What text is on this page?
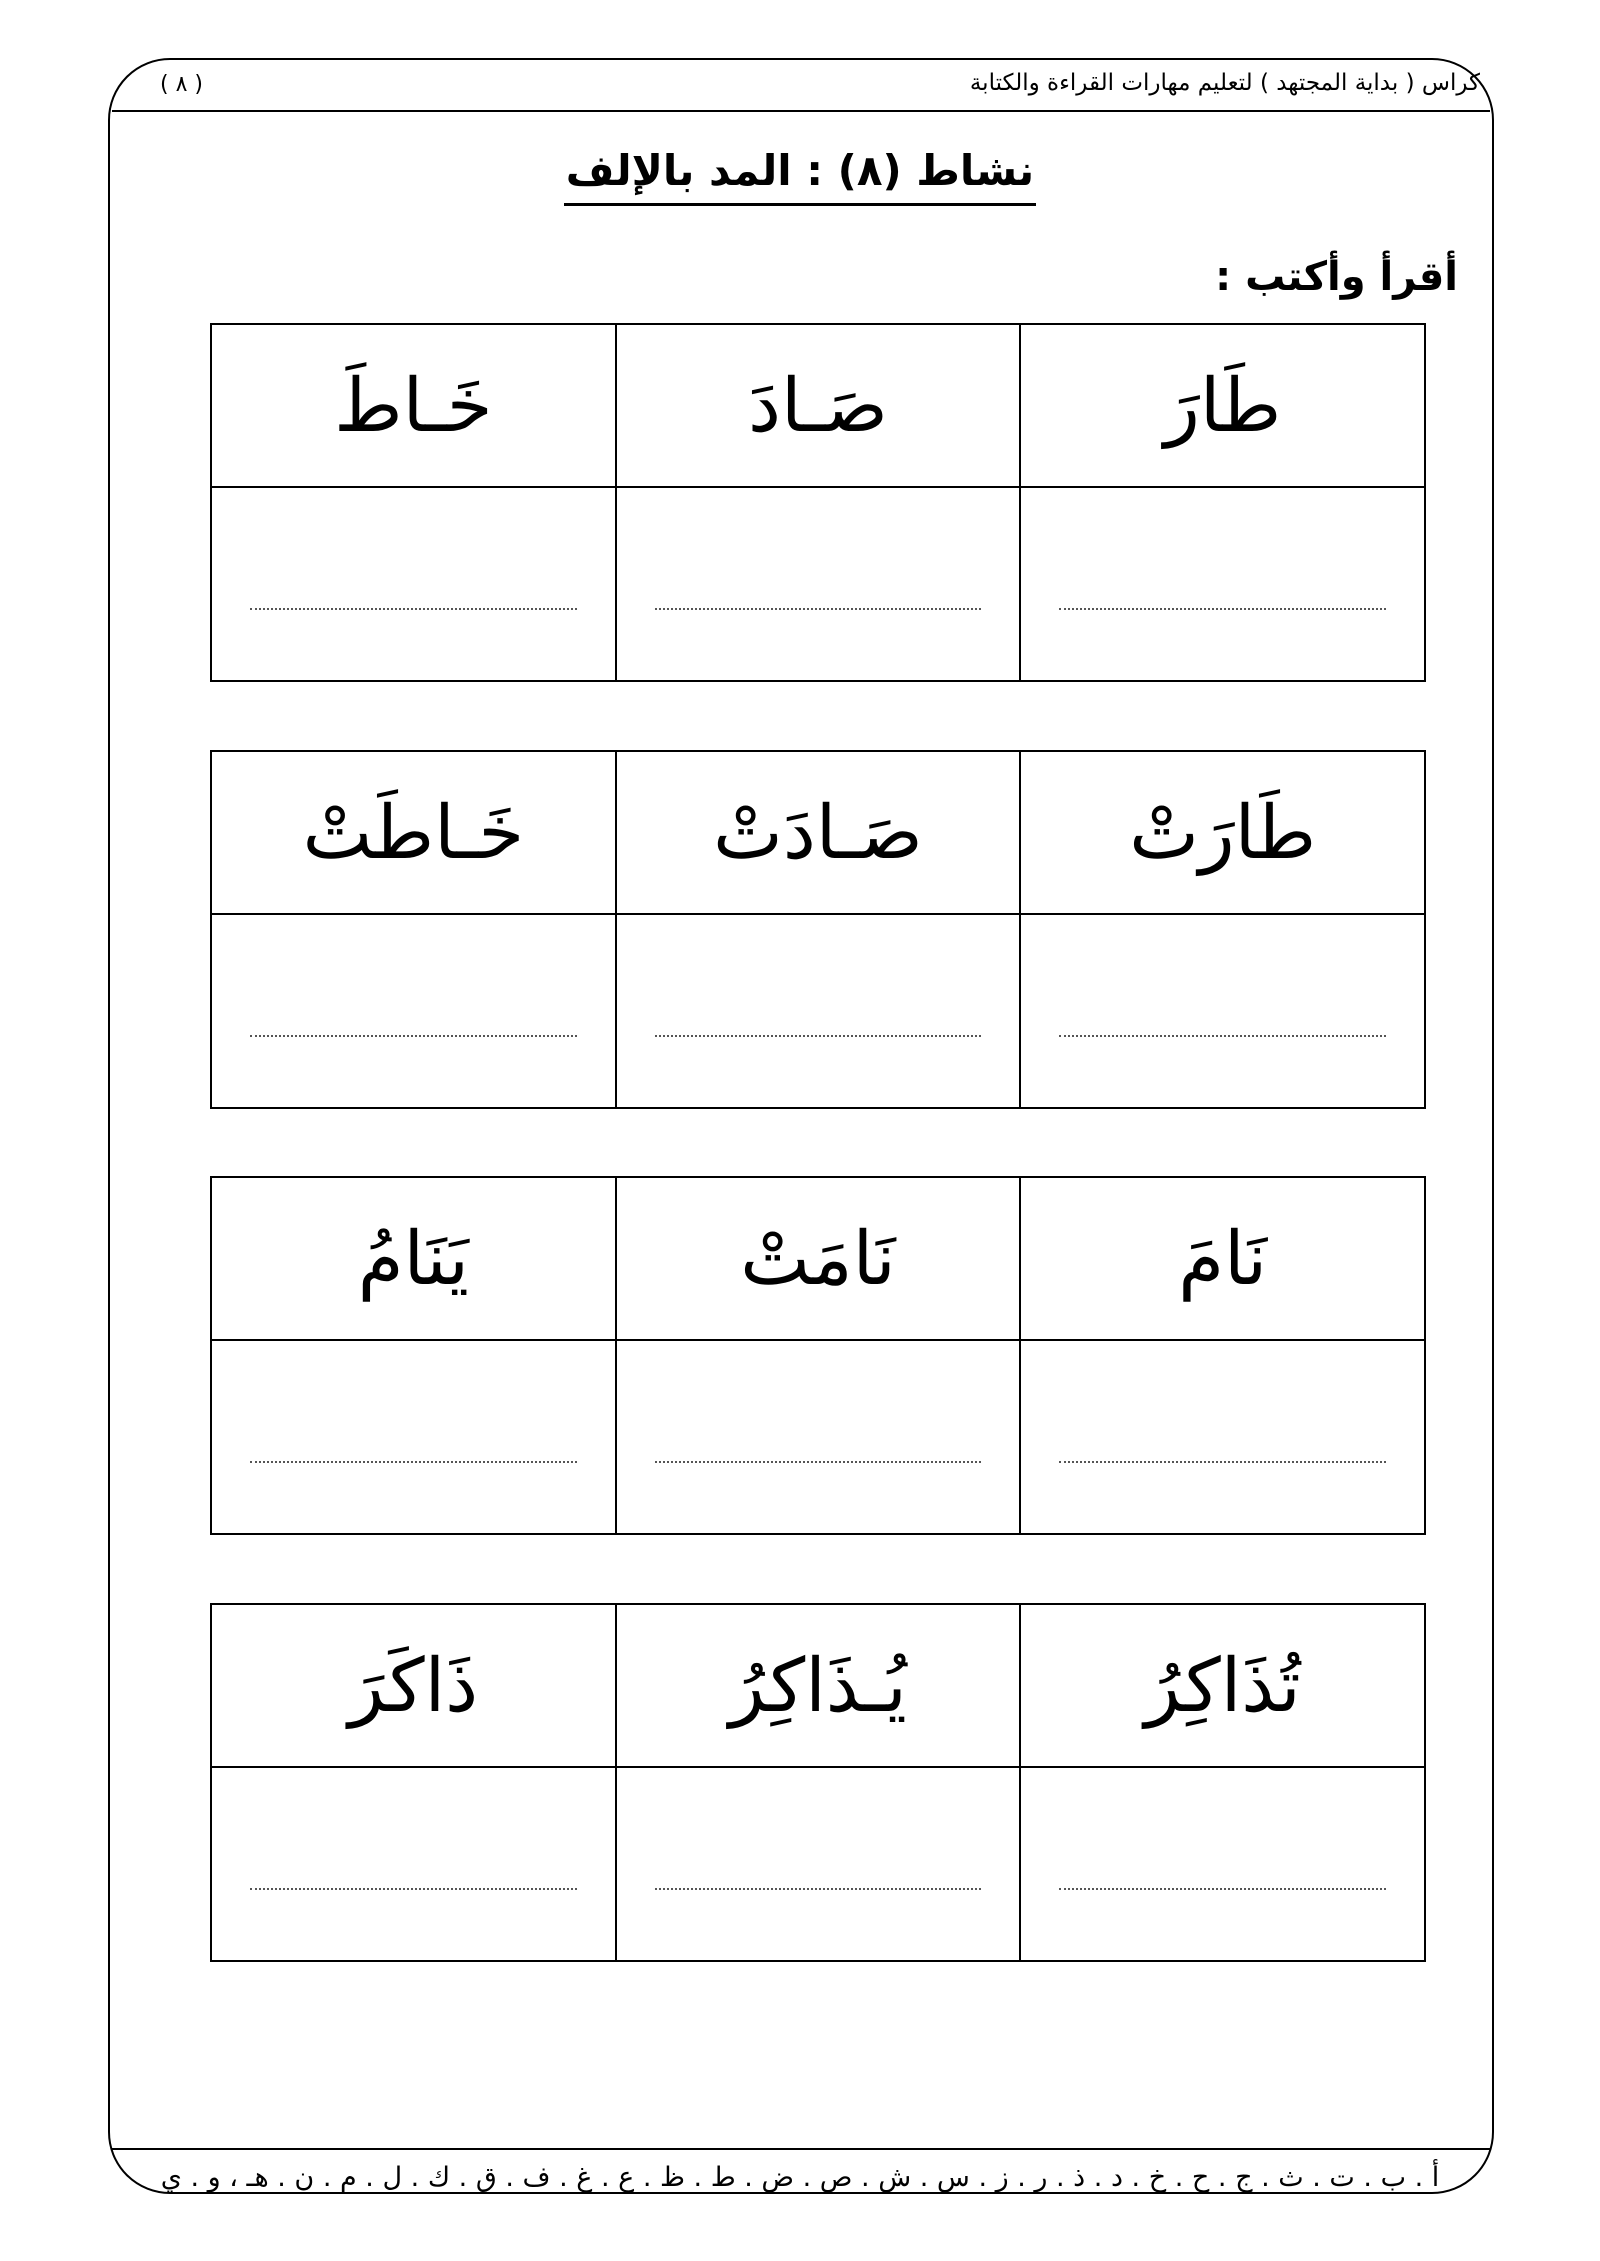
( ٨ )	كراس ( بداية المجتهد ) لتعليم مهارات القراءة والكتابة
نشاط (٨) : المد بالإلف
أقرأ وأكتب :
طَارَ	صَـادَ	خَـاطَ

طَارَتْ	صَـادَتْ	خَـاطَتْ

نَامَ	نَامَتْ	يَنَامُ

تُذَاكِرُ	يُـذَاكِرُ	ذَاكَرَ

أ . ب . ت . ث . ج . ح . خ . د . ذ . ر . ز . س . ش . ص . ض . ط . ظ . ع . غ . ف . ق . ك . ل . م . ن . هـ ، و . ي
